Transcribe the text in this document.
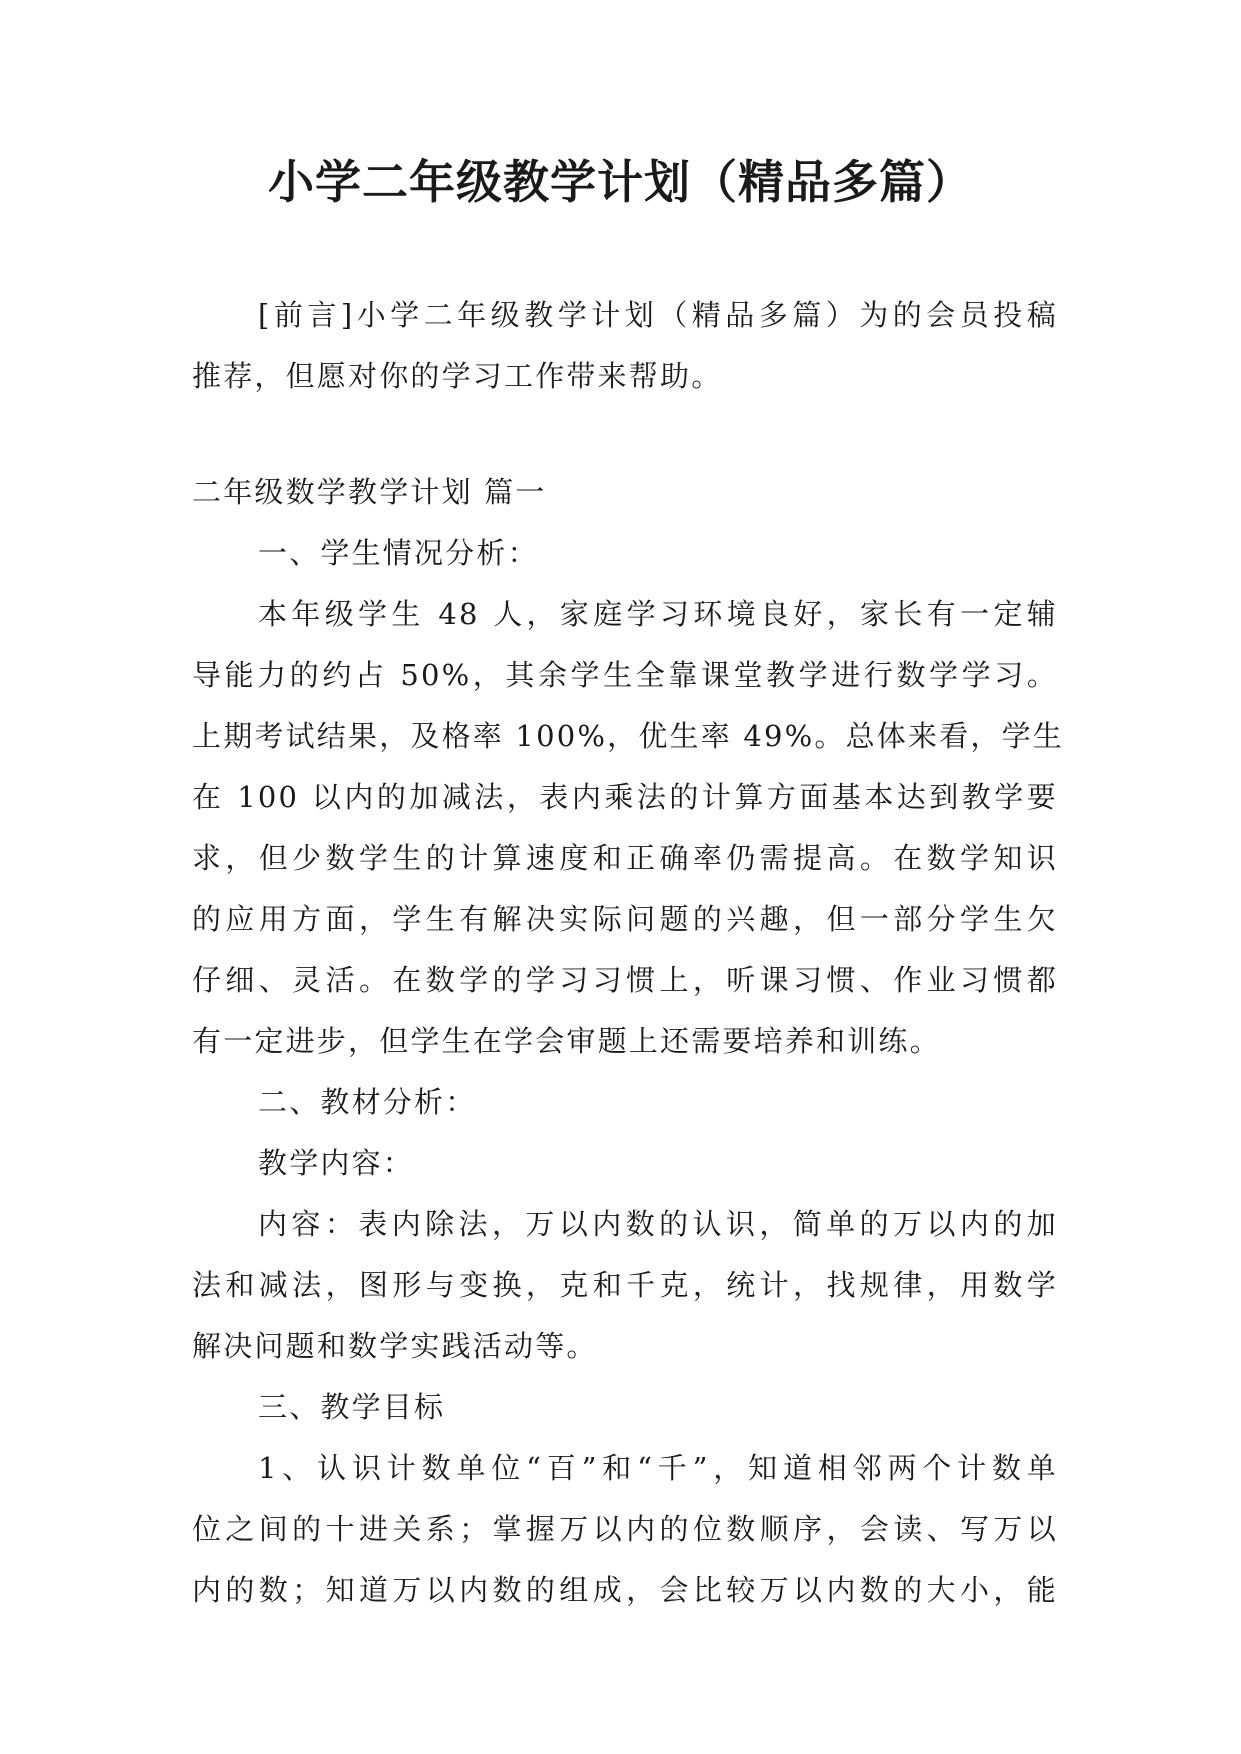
小学二年级教学计划（精品多篇）
[前言]小学二年级教学计划（精品多篇）为的会员投稿
推荐，但愿对你的学习工作带来帮助。
二年级数学教学计划 篇一
一、学生情况分析：
本年级学生 48 人，家庭学习环境良好，家长有一定辅
导能力的约占 50%，其余学生全靠课堂教学进行数学学习。
上期考试结果，及格率 100%，优生率 49%。总体来看，学生
在 100 以内的加减法，表内乘法的计算方面基本达到教学要
求，但少数学生的计算速度和正确率仍需提高。在数学知识
的应用方面，学生有解决实际问题的兴趣，但一部分学生欠
仔细、灵活。在数学的学习习惯上，听课习惯、作业习惯都
有一定进步，但学生在学会审题上还需要培养和训练。
二、教材分析：
教学内容：
内容：表内除法，万以内数的认识，简单的万以内的加
法和减法，图形与变换，克和千克，统计，找规律，用数学
解决问题和数学实践活动等。
三、教学目标
1、认识计数单位“百”和“千”，知道相邻两个计数单
位之间的十进关系；掌握万以内的位数顺序，会读、写万以
内的数；知道万以内数的组成，会比较万以内数的大小，能
